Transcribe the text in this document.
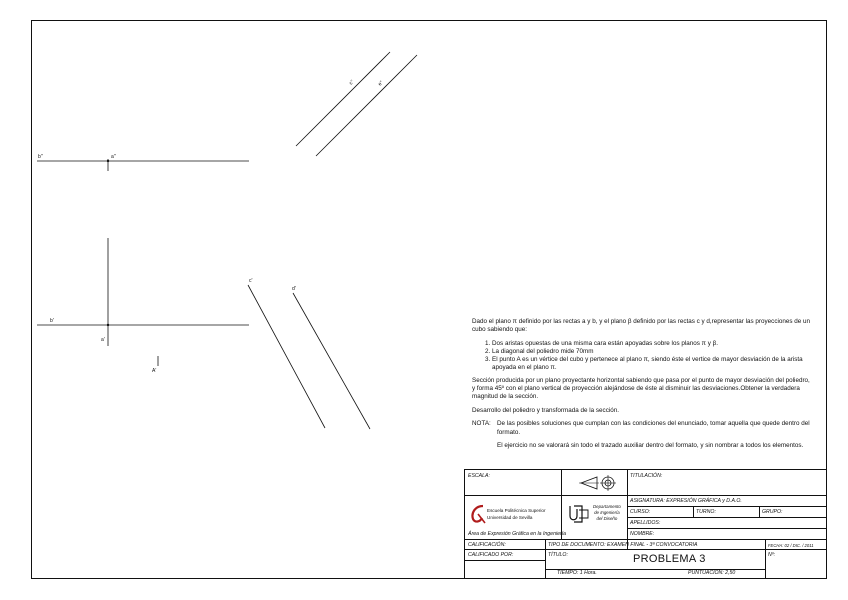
b''	a''
b'
a'
A'
c''	e''
c'
d'

Dado el plano π definido por las rectas a y b, y el plano β definido por las rectas c y d,representar las proyecciones de un cubo sabiendo que:

1. Dos aristas opuestas de una misma cara están apoyadas sobre los planos π y β.
2. La diagonal del poliedro mide 70mm
3. El punto A es un vértice del cubo y pertenece al plano π, siendo éste el vertice de mayor desviación de la arista apoyada en el plano π.

Sección producida por un plano proyectante horizontal sabiendo que pasa por el punto de mayor desviación del poliedro, y forma 45º con el plano vertical de proyección alejándose de éste al disminuir las desviaciones.Obtener la verdadera magnitud de la sección.

Desarrollo del poliedro y transformada de la sección.

NOTA: De las posibles soluciones que cumplan con las condiciones del enunciado, tomar aquella que quede dentro del formato.

El ejercicio no se valorará sin todo el trazado auxiliar dentro del formato, y sin nombrar a todos los elementos.

ESCALA:	TITULACIÓN:
Escuela Politécnica Superior
Universidad de Sevilla
Departamento
de Ingeniería
del Diseño
ASIGNATURA: EXPRESIÓN GRÁFICA y D.A.O.
CURSO:	TURNO:	GRUPO:
APELLIDOS:
Área de Expresión Gráfica en la Ingeniería	NOMBRE:
CALIFICACIÓN:	TIPO DE DOCUMENTO: EXAMEN FINAL - 3ª CONVOCATORIA	FECHA: 02 / DIC. / 2011
CALIFICADO POR:	TÍTULO:	PROBLEMA 3	Nº:
TIEMPO: 1 Hora.	PUNTUACION: 2,50
